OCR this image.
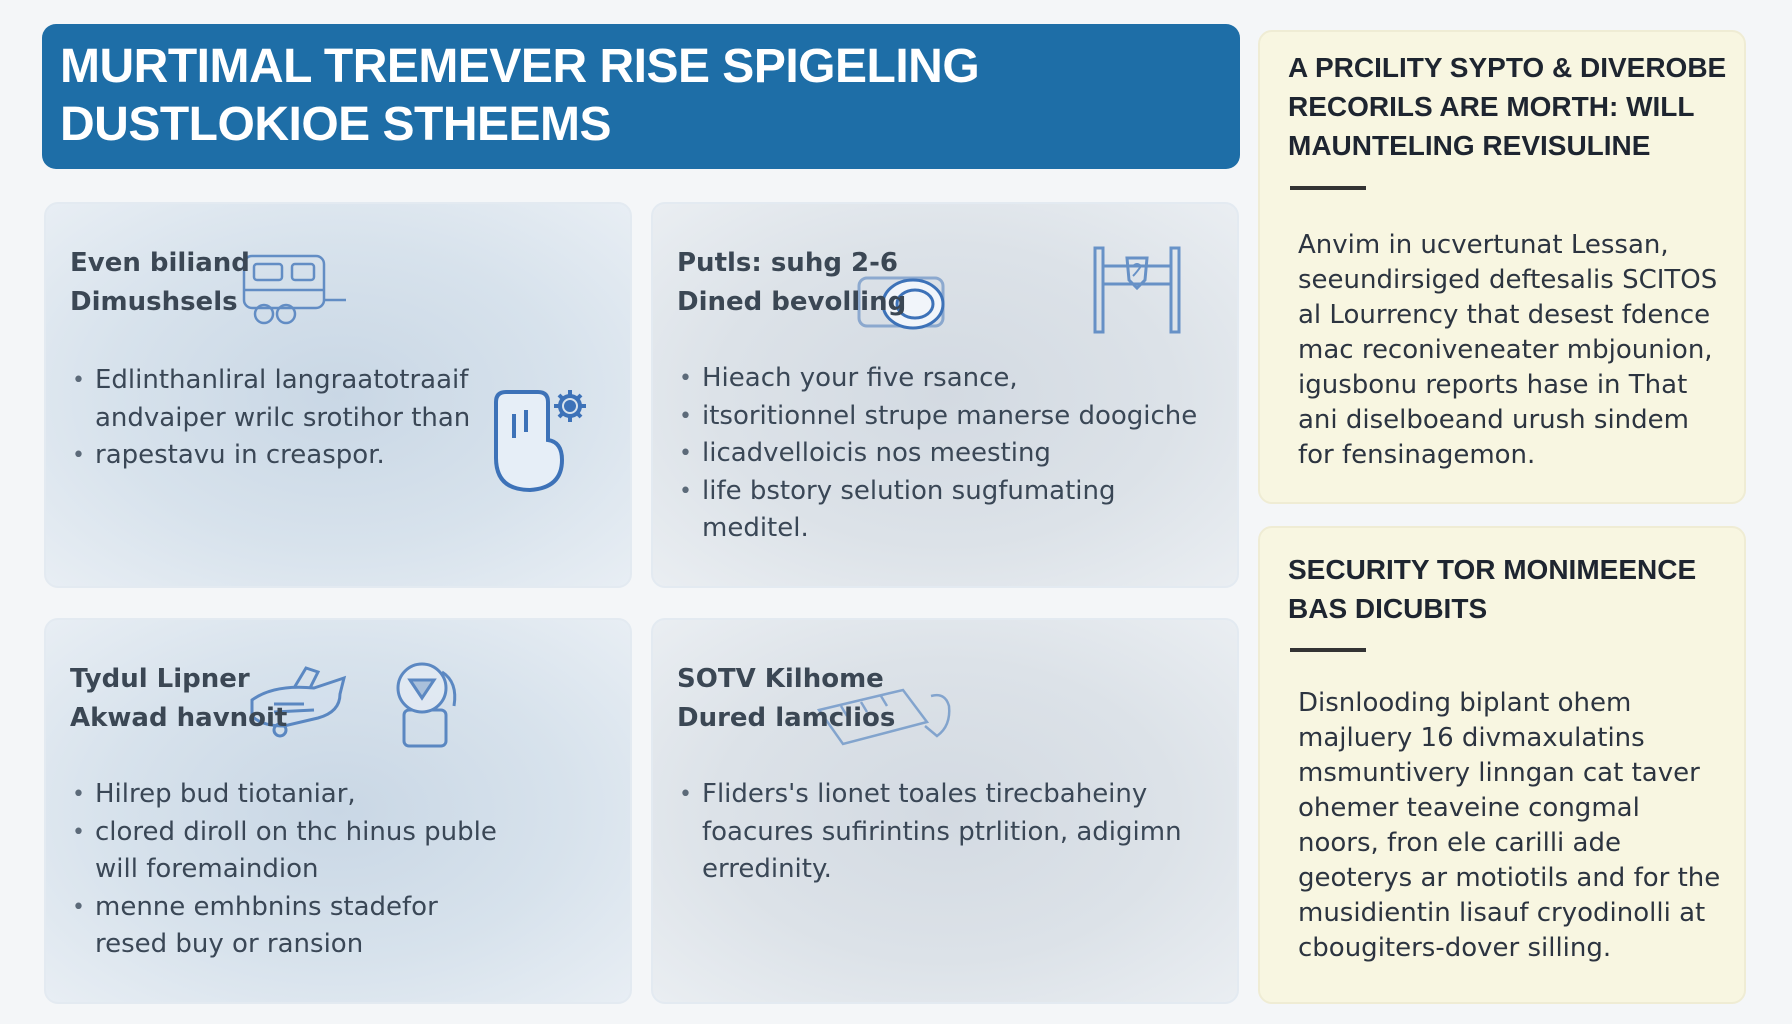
MURTIMAL TREMEVER RISE SPIGELING DUSTLOKIOE STHEEMS
Even biliand
Dimushsels
• Edlinthanliral langraatotraaif andvaiper wrilc srotihor than
• rapestavu in creaspor.
Putls: suhg 2-6
Dined bevolling
• Hieach your five rsance,
• itsoritionnel strupe manerse doogiche
• licadvelloicis nos meesting
• life bstory selution sugfumating meditel.
Tydul Lipner
Akwad havnoit
• Hilrep bud tiotaniar,
• clored diroll on thc hinus puble will foremaindion
• menne emhbnins stadefor resed buy or ransion
SOTV Kilhome
Dured lamclios
• Fliders's lionet toales tirecbaheiny foacures sufirintins ptrlition, adigimn erredinity.
A PRCILITY SYPTO & DIVEROBE RECORILS ARE MORTH: WILL MAUNTELING REVISULINE

Anvim in ucvertunat Lessan, seeundirsiged deftesalis SCITOS al Lourrency that desest fdence mac reconiveneater mbjounion, igusbonu reports hase in That ani diselboeand urush sindem for fensinagemon.

SECURITY TOR MONIMEENCE BAS DICUBITS

Disnlooding biplant ohem majluery 16 divmaxulatins msmuntivery linngan cat taver ohemer teaveine congmal noors, fron ele carilli ade geoterys ar motiotils and for the musidientin lisauf cryodinolli at cbougiters-dover silling.
